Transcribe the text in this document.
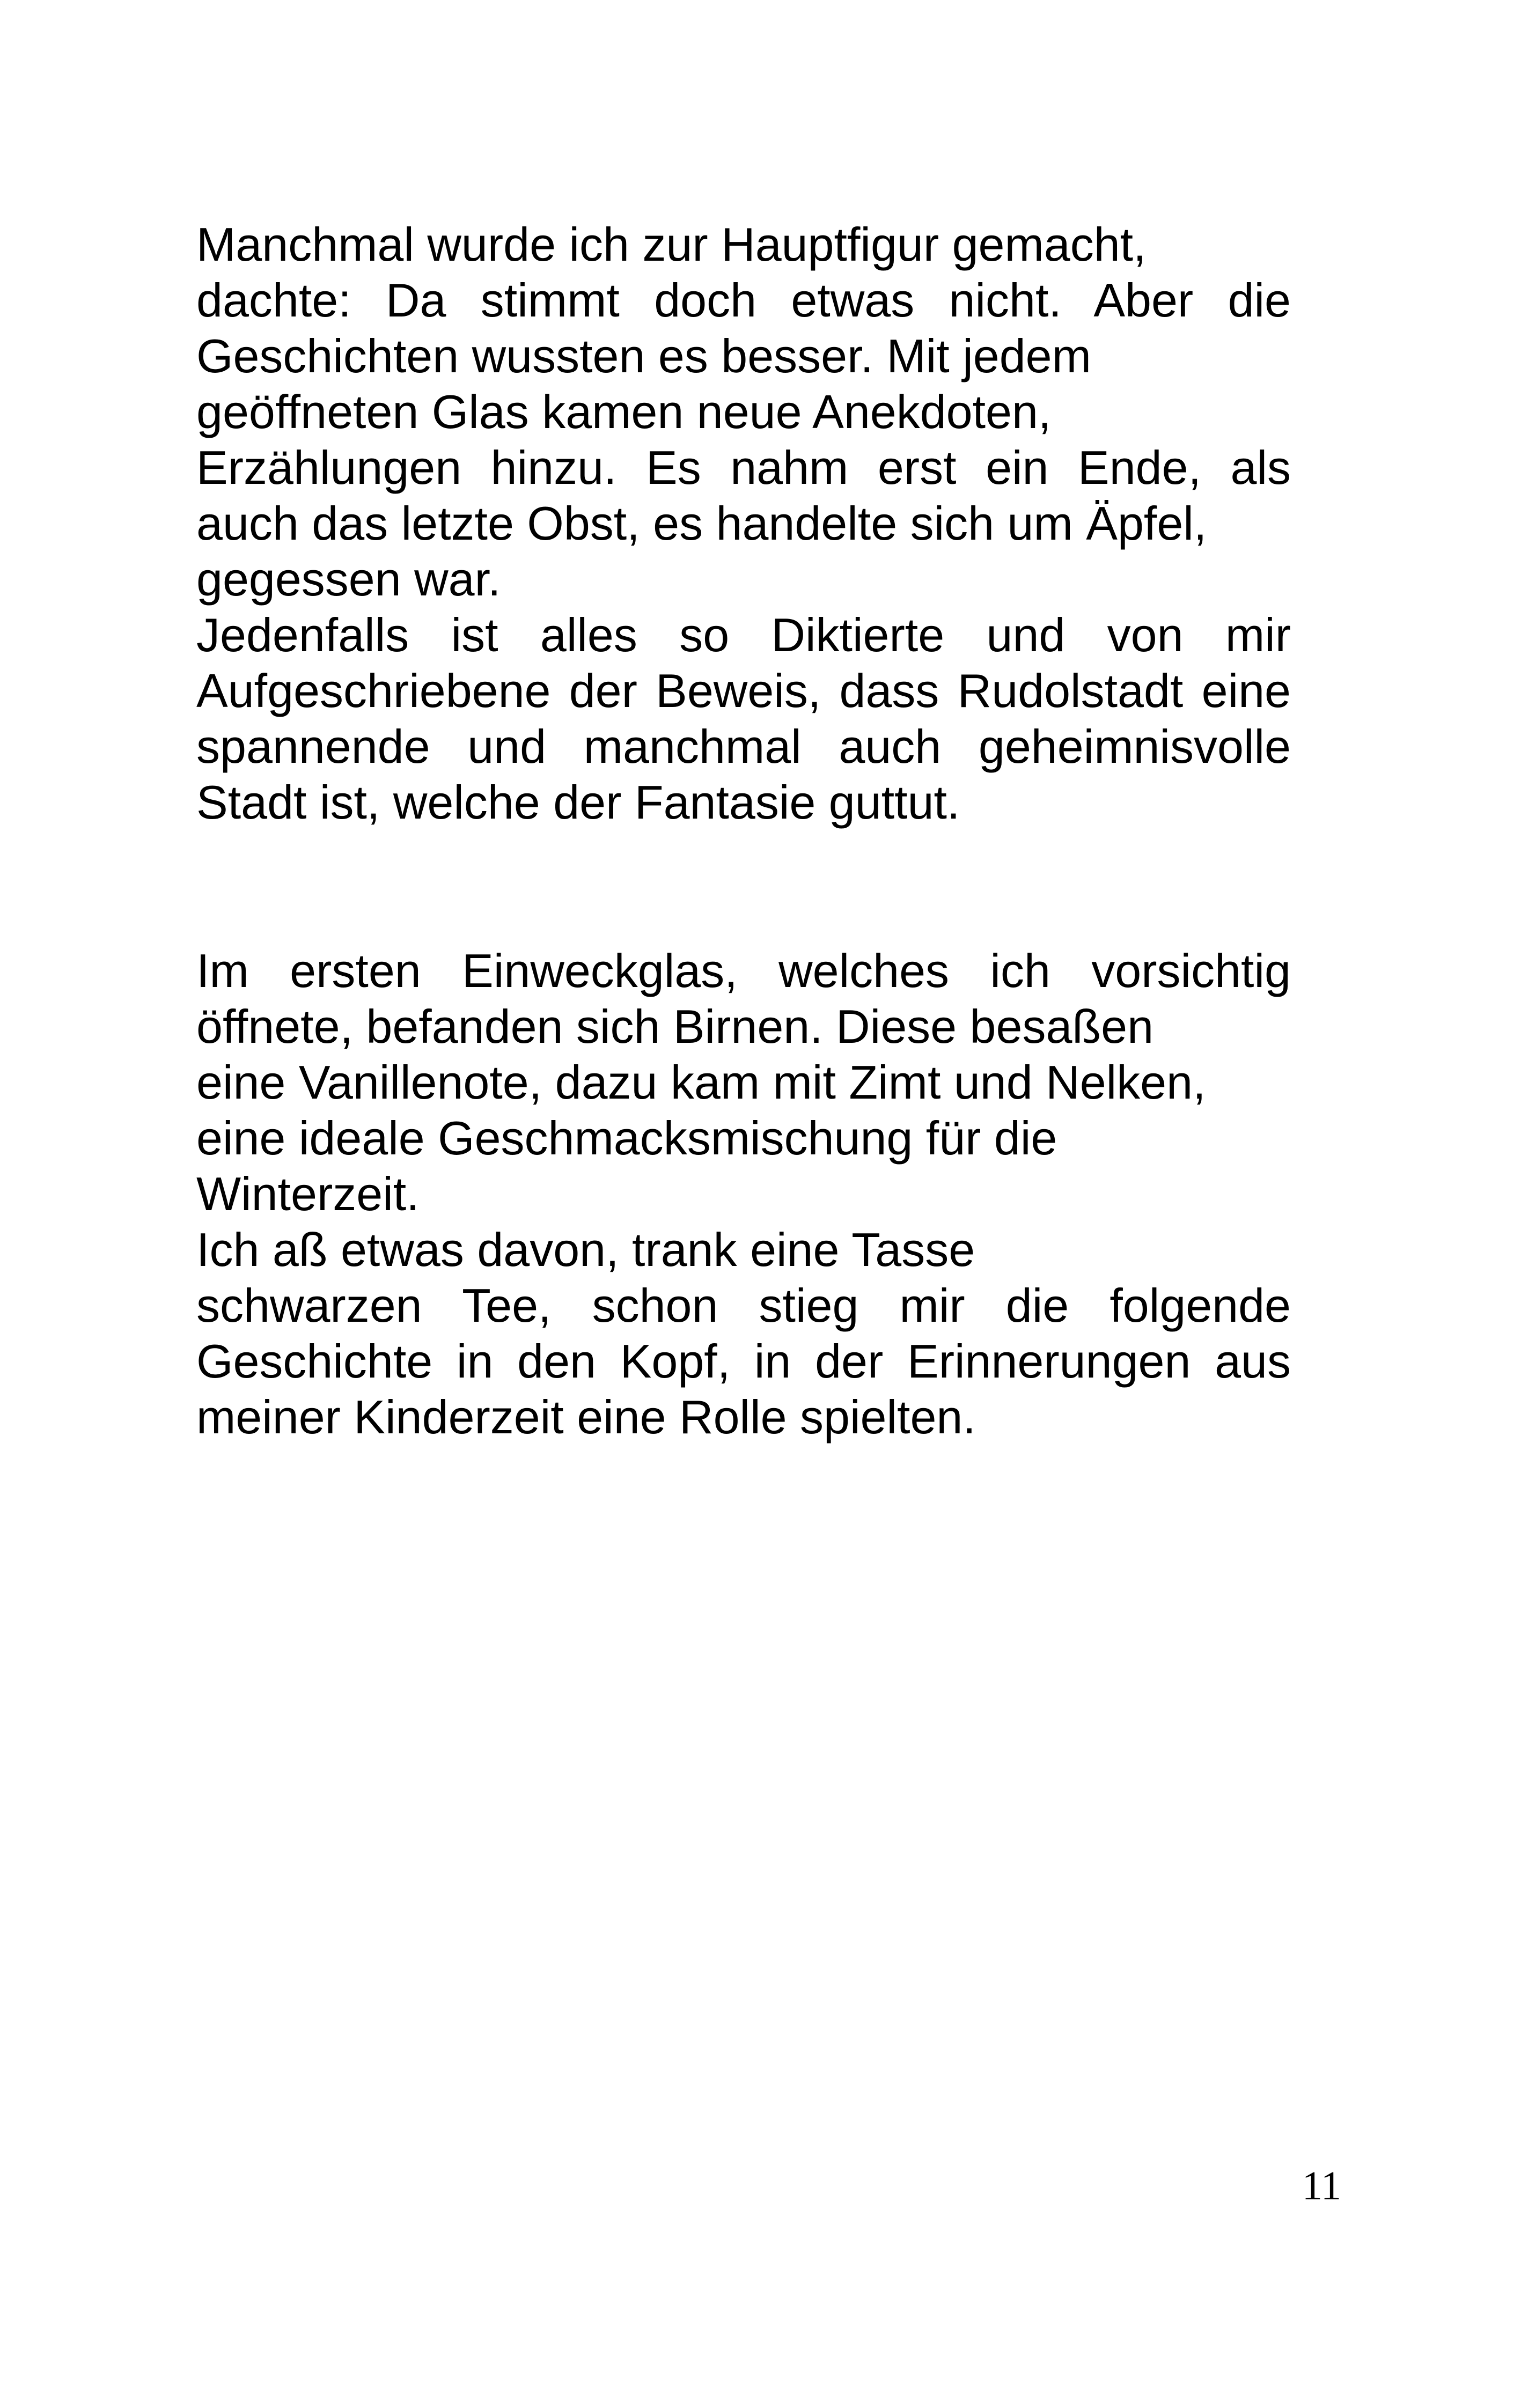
Manchmal wurde ich zur Hauptfigur gemacht,
dachte: Da stimmt doch etwas nicht. Aber die
Geschichten wussten es besser. Mit jedem
geöffneten Glas kamen neue Anekdoten,
Erzählungen hinzu. Es nahm erst ein Ende, als
auch das letzte Obst, es handelte sich um Äpfel,
gegessen war.
Jedenfalls ist alles so Diktierte und von mir
Aufgeschriebene der Beweis, dass Rudolstadt eine
spannende und manchmal auch geheimnisvolle
Stadt ist, welche der Fantasie guttut.
Im ersten Einweckglas, welches ich vorsichtig
öffnete, befanden sich Birnen. Diese besaßen
eine Vanillenote, dazu kam mit Zimt und Nelken,
eine ideale Geschmacksmischung für die
Winterzeit.
Ich aß etwas davon, trank eine Tasse
schwarzen Tee, schon stieg mir die folgende
Geschichte in den Kopf, in der Erinnerungen aus
meiner Kinderzeit eine Rolle spielten.
11
